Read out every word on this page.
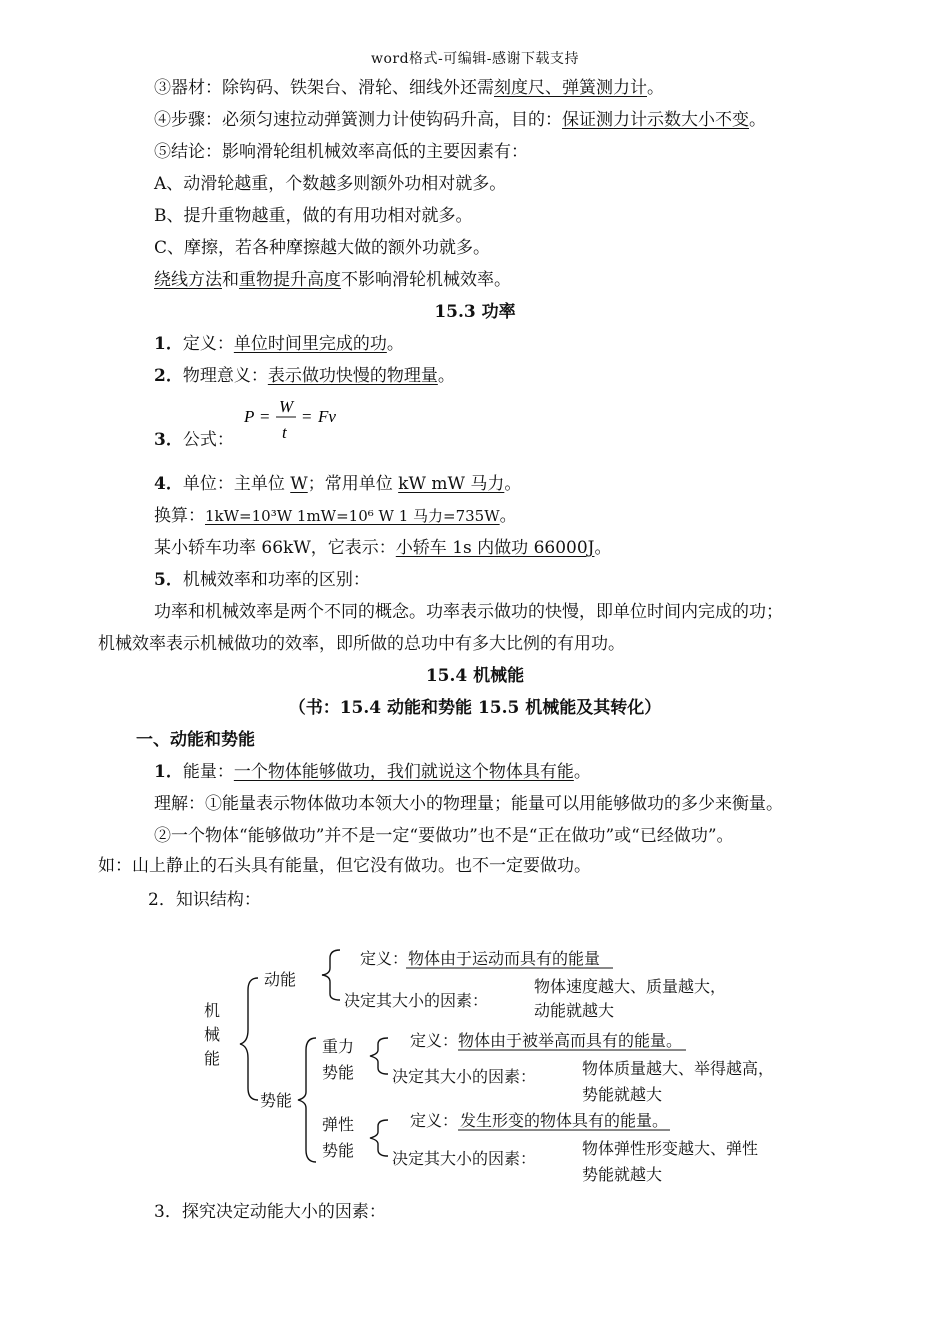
word格式-可编辑-感谢下载支持
③器材：除钩码、铁架台、滑轮、细线外还需刻度尺、弹簧测力计。
④步骤：必须匀速拉动弹簧测力计使钩码升高，目的：保证测力计示数大小不变。
⑤结论：影响滑轮组机械效率高低的主要因素有：
A、动滑轮越重，个数越多则额外功相对就多。
B、提升重物越重，做的有用功相对就多。
C、摩擦，若各种摩擦越大做的额外功就多。
绕线方法和重物提升高度不影响滑轮机械效率。
15.3 功率
1．定义：单位时间里完成的功。
2．物理意义：表示做功快慢的物理量。
3．公式：
P =
W
t
= Fv
4．单位：主单位 W；常用单位 kW mW 马力。
换算：1kW=10³W 1mW=10⁶ W 1 马力=735W。
某小轿车功率 66kW，它表示：小轿车 1s 内做功 66000J。
5．机械效率和功率的区别：
功率和机械效率是两个不同的概念。功率表示做功的快慢，即单位时间内完成的功；
机械效率表示机械做功的效率，即所做的总功中有多大比例的有用功。
15.4 机械能
（书：15.4 动能和势能 15.5 机械能及其转化）
一、动能和势能
1．能量：一个物体能够做功，我们就说这个物体具有能。
理解：①能量表示物体做功本领大小的物理量；能量可以用能够做功的多少来衡量。
②一个物体“能够做功”并不是一定“要做功”也不是“正在做功”或“已经做功”。
如：山上静止的石头具有能量，但它没有做功。也不一定要做功。
2．知识结构：
机
械
能
动能
定义：物体由于运动而具有的能量
决定其大小的因素：
物体速度越大、质量越大，
动能就越大
势能
重力
势能
定义：物体由于被举高而具有的能量。
决定其大小的因素：	物体质量越大、举得越高，
势能就越大
弹性
势能
定义： 发生形变的物体具有的能量。
决定其大小的因素：
物体弹性形变越大、弹性
势能就越大
3．探究决定动能大小的因素：
